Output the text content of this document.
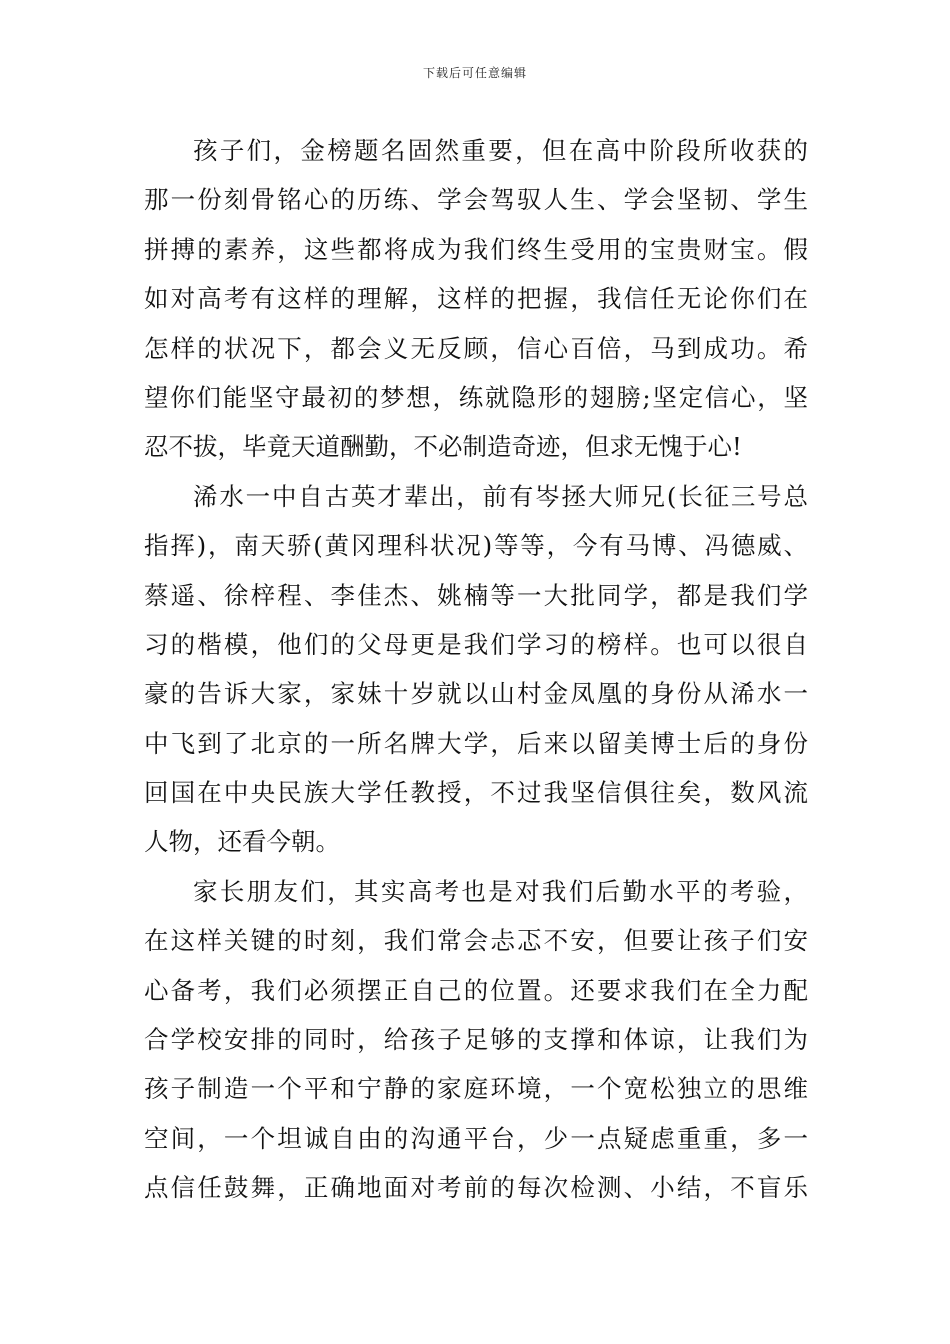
下载后可任意编辑
孩子们，金榜题名固然重要，但在高中阶段所收获的
那一份刻骨铭心的历练、学会驾驭人生、学会坚韧、学生
拼搏的素养，这些都将成为我们终生受用的宝贵财宝。假
如对高考有这样的理解，这样的把握，我信任无论你们在
怎样的状况下，都会义无反顾，信心百倍，马到成功。希
望你们能坚守最初的梦想，练就隐形的翅膀;坚定信心，坚
忍不拔，毕竟天道酬勤，不必制造奇迹，但求无愧于心!
浠水一中自古英才辈出，前有岑拯大师兄(长征三号总
指挥)，南天骄(黄冈理科状况)等等，今有马博、冯德威、
蔡遥、徐梓程、李佳杰、姚楠等一大批同学，都是我们学
习的楷模，他们的父母更是我们学习的榜样。也可以很自
豪的告诉大家，家妹十岁就以山村金凤凰的身份从浠水一
中飞到了北京的一所名牌大学，后来以留美博士后的身份
回国在中央民族大学任教授，不过我坚信俱往矣，数风流
人物，还看今朝。
家长朋友们，其实高考也是对我们后勤水平的考验，
在这样关键的时刻，我们常会忐忑不安，但要让孩子们安
心备考，我们必须摆正自己的位置。还要求我们在全力配
合学校安排的同时，给孩子足够的支撑和体谅，让我们为
孩子制造一个平和宁静的家庭环境，一个宽松独立的思维
空间，一个坦诚自由的沟通平台，少一点疑虑重重，多一
点信任鼓舞，正确地面对考前的每次检测、小结，不盲乐
